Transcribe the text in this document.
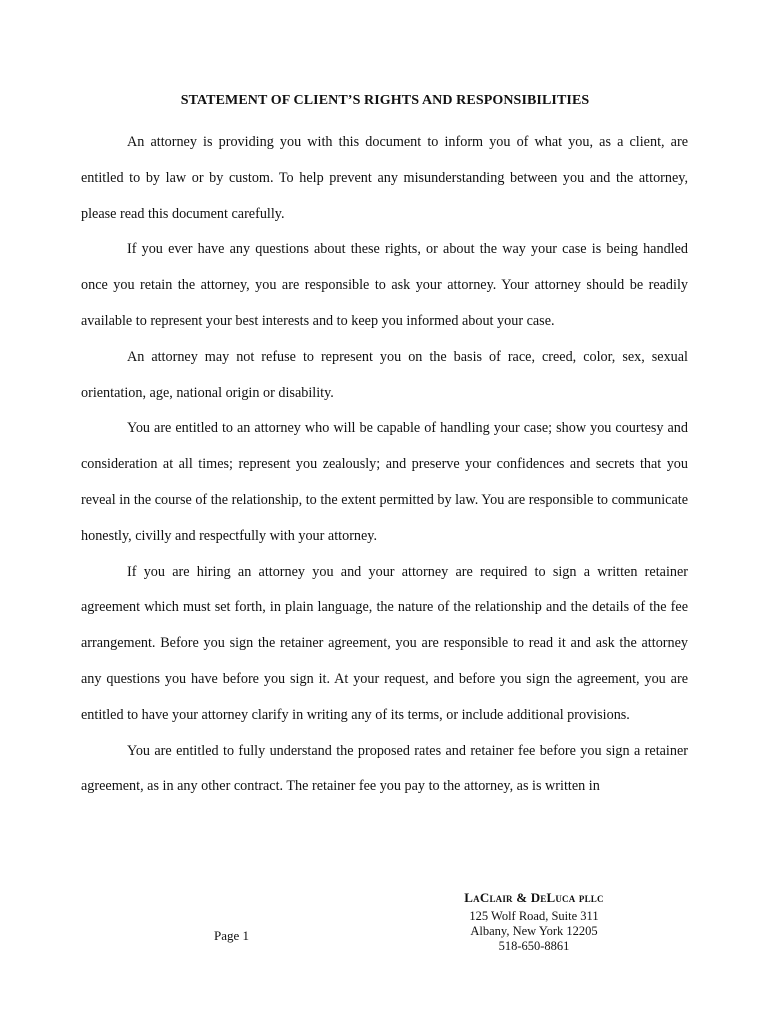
STATEMENT OF CLIENT’S RIGHTS AND RESPONSIBILITIES

An attorney is providing you with this document to inform you of what you, as a client, are entitled to by law or by custom. To help prevent any misunderstanding between you and the attorney, please read this document carefully.

If you ever have any questions about these rights, or about the way your case is being handled once you retain the attorney, you are responsible to ask your attorney. Your attorney should be readily available to represent your best interests and to keep you informed about your case.

An attorney may not refuse to represent you on the basis of race, creed, color, sex, sexual orientation, age, national origin or disability.

You are entitled to an attorney who will be capable of handling your case; show you courtesy and consideration at all times; represent you zealously; and preserve your confidences and secrets that you reveal in the course of the relationship, to the extent permitted by law. You are responsible to communicate honestly, civilly and respectfully with your attorney.

If you are hiring an attorney you and your attorney are required to sign a written retainer agreement which must set forth, in plain language, the nature of the relationship and the details of the fee arrangement. Before you sign the retainer agreement, you are responsible to read it and ask the attorney any questions you have before you sign it. At your request, and before you sign the agreement, you are entitled to have your attorney clarify in writing any of its terms, or include additional provisions.

You are entitled to fully understand the proposed rates and retainer fee before you sign a retainer agreement, as in any other contract. The retainer fee you pay to the attorney, as is written in

Page 1
LaClair & DeLuca pllc
125 Wolf Road, Suite 311
Albany, New York 12205
518-650-8861
